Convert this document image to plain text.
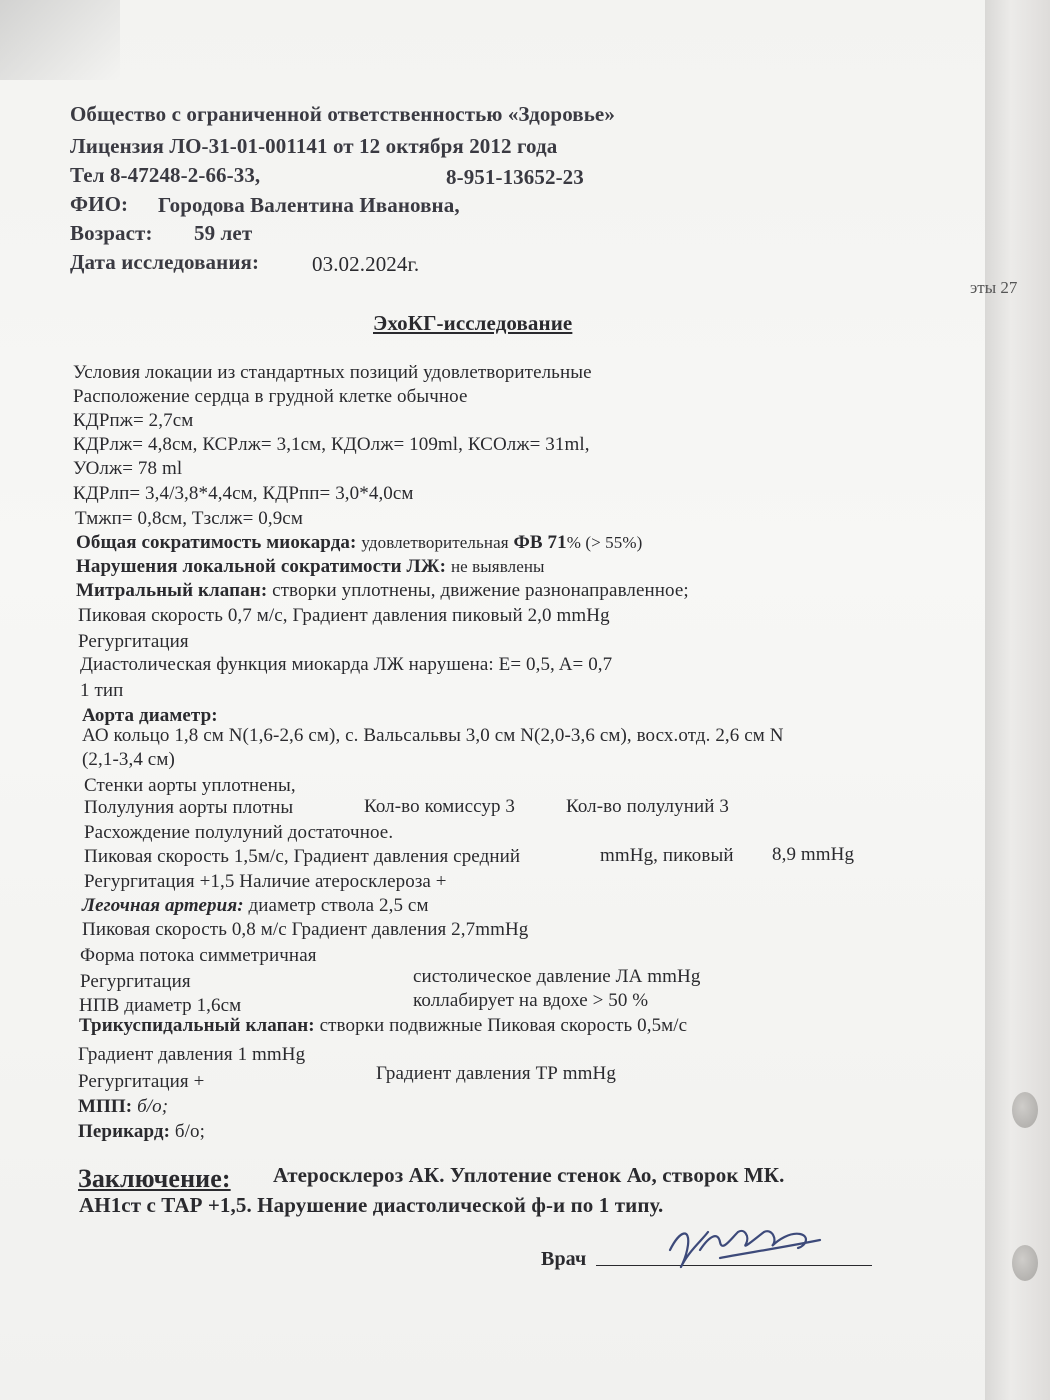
Общество с ограниченной ответственностью «Здоровье»
Лицензия ЛО-31-01-001141 от 12 октября 2012 года
Тел 8-47248-2-66-33,	8-951-13652-23
ФИО: Городова Валентина Ивановна,
Возраст: 59 лет
Дата исследования:	03.02.2024г.
эты 27
ЭхоКГ-исследование
Условия локации из стандартных позиций удовлетворительные
Расположение сердца в грудной клетке обычное
КДРпж= 2,7см
КДРлж= 4,8см, КСРлж= 3,1см, КДОлж= 109ml, КСОлж= 31ml,
УОлж= 78 ml
КДРлп= 3,4/3,8*4,4см, КДРпп= 3,0*4,0см
Тмжп= 0,8см, Тзслж= 0,9см
Общая сократимость миокарда: удовлетворительная ФВ 71% (> 55%)
Нарушения локальной сократимости ЛЖ: не выявлены
Митральный клапан: створки уплотнены, движение разнонаправленное;
Пиковая скорость 0,7 м/с, Градиент давления пиковый 2,0 mmHg
Регургитация
Диастолическая функция миокарда ЛЖ нарушена: E= 0,5, A= 0,7
1 тип
Аорта диаметр:
АО кольцо 1,8 см N(1,6-2,6 см), с. Вальсальвы 3,0 см N(2,0-3,6 см), восх.отд. 2,6 см N
(2,1-3,4 см)
Стенки аорты уплотнены,
Полулуния аорты плотны	Кол-во комиссур 3	Кол-во полулуний 3
Расхождение полулуний достаточное.
Пиковая скорость 1,5м/с, Градиент давления средний	mmHg, пиковый 8,9 mmHg
Регургитация +1,5 Наличие атеросклероза +
Легочная артерия: диаметр ствола 2,5 см
Пиковая скорость 0,8 м/с Градиент давления 2,7mmHg
Форма потока симметричная
Регургитация	систолическое давление ЛА mmHg
НПВ диаметр 1,6см	коллабирует на вдохе > 50 %
Трикуспидальный клапан: створки подвижные Пиковая скорость 0,5м/с
Градиент давления 1 mmHg
Регургитация +	Градиент давления ТР mmHg
МПП: б/о;
Перикард: б/о;
Заключение: Атеросклероз АК. Уплотение стенок Ао, створок МК.
АН1ст с ТАР +1,5. Нарушение диастолической ф-и по 1 типу.
Врач
